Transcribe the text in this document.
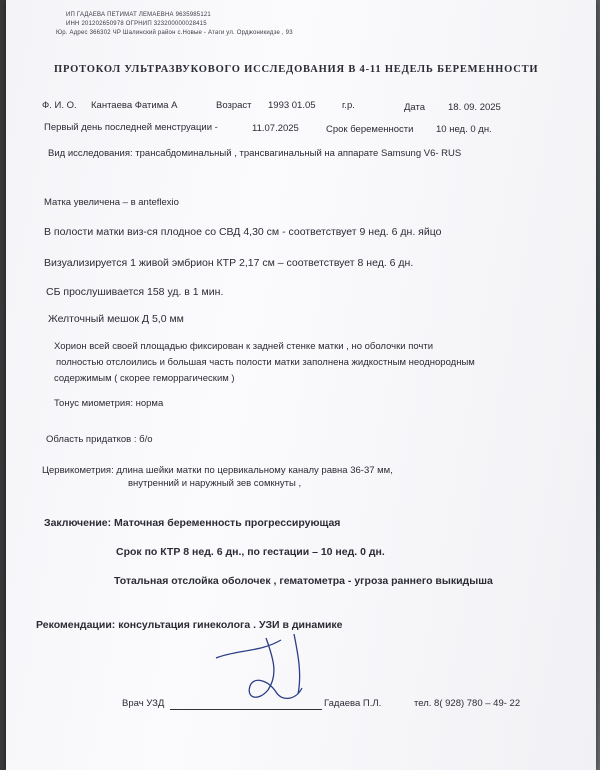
ИП ГАДАЕВА ПЕТИМАТ ЛЕМАЕВНА 9635985121
ИНН 201202650978 ОГРНИП 323200000028415
Юр. Адрес 366302 ЧР Шалинский район с.Новые - Атаги ул. Орджоникидзе , 93
ПРОТОКОЛ УЛЬТРАЗВУКОВОГО ИССЛЕДОВАНИЯ В 4-11 НЕДЕЛЬ БЕРЕМЕННОСТИ
Ф. И. О. Кантаева Фатима А	Возраст 1993 01.05	г.р.	Дата 18. 09. 2025
Первый день последней менструации -	11.07.2025	Срок беременности 10 нед. 0 дн.
Вид исследования: трансабдоминальный , трансвагинальный на аппарате Samsung V6- RUS
Матка увеличена – в anteflexio
В полости матки виз-ся плодное со СВД 4,30 см - соответствует 9 нед. 6 дн. яйцо
Визуализируется 1 живой эмбрион КТР 2,17 см – соответствует 8 нед. 6 дн.
СБ прослушивается 158 уд. в 1 мин.
Желточный мешок Д 5,0 мм
Хорион всей своей площадью фиксирован к задней стенке матки , но оболочки почти
полностью отслоились и большая часть полости матки заполнена жидкостным неоднородным
содержимым ( скорее геморрагическим )
Тонус миометрия: норма
Область придатков : б/о
Цервикометрия: длина шейки матки по цервикальному каналу равна 36-37 мм,
внутренний и наружный зев сомкнуты ,
Заключение: Маточная беременность прогрессирующая
Срок по КТР 8 нед. 6 дн., по гестации – 10 нед. 0 дн.
Тотальная отслойка оболочек , гематометра - угроза раннего выкидыша
Рекомендации: консультация гинеколога . УЗИ в динамике
Врач УЗД	Гадаева П.Л.	тел. 8( 928) 780 – 49- 22
